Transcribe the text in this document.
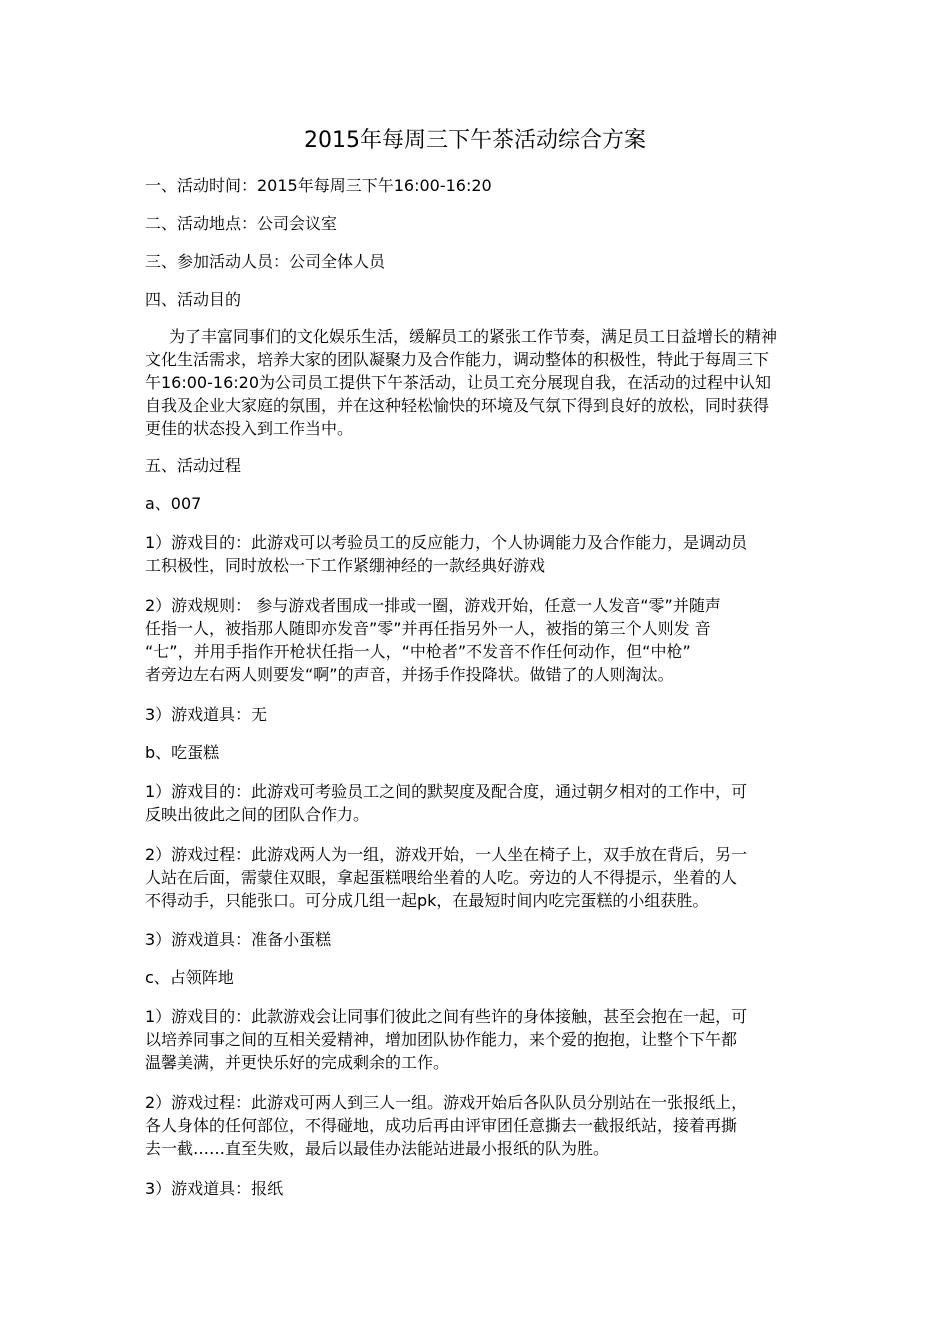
2015年每周三下午茶活动综合方案
一、活动时间：2015年每周三下午16:00-16:20
二、活动地点：公司会议室
三、参加活动人员：公司全体人员
四、活动目的
为了丰富同事们的文化娱乐生活，缓解员工的紧张工作节奏，满足员工日益增长的精神
文化生活需求，培养大家的团队凝聚力及合作能力，调动整体的积极性，特此于每周三下
午16:00-16:20为公司员工提供下午茶活动，让员工充分展现自我，在活动的过程中认知
自我及企业大家庭的氛围，并在这种轻松愉快的环境及气氛下得到良好的放松，同时获得
更佳的状态投入到工作当中。
五、活动过程
a、007
1）游戏目的：此游戏可以考验员工的反应能力，个人协调能力及合作能力，是调动员
工积极性，同时放松一下工作紧绷神经的一款经典好游戏
2）游戏规则： 参与游戏者围成一排或一圈，游戏开始，任意一人发音“零”并随声
任指一人，被指那人随即亦发音”零”并再任指另外一人，被指的第三个人则发 音
“七”，并用手指作开枪状任指一人，“中枪者”不发音不作任何动作，但“中枪”
者旁边左右两人则要发“啊”的声音，并扬手作投降状。做错了的人则淘汰。
3）游戏道具：无
b、吃蛋糕
1）游戏目的：此游戏可考验员工之间的默契度及配合度，通过朝夕相对的工作中，可
反映出彼此之间的团队合作力。
2）游戏过程：此游戏两人为一组，游戏开始，一人坐在椅子上，双手放在背后，另一
人站在后面，需蒙住双眼，拿起蛋糕喂给坐着的人吃。旁边的人不得提示，坐着的人
不得动手，只能张口。可分成几组一起pk，在最短时间内吃完蛋糕的小组获胜。
3）游戏道具：准备小蛋糕
c、占领阵地
1）游戏目的：此款游戏会让同事们彼此之间有些许的身体接触，甚至会抱在一起，可
以培养同事之间的互相关爱精神，增加团队协作能力，来个爱的抱抱，让整个下午都
温馨美满，并更快乐好的完成剩余的工作。
2）游戏过程：此游戏可两人到三人一组。游戏开始后各队队员分别站在一张报纸上，
各人身体的任何部位，不得碰地，成功后再由评审团任意撕去一截报纸站，接着再撕
去一截……直至失败，最后以最佳办法能站进最小报纸的队为胜。
3）游戏道具：报纸
